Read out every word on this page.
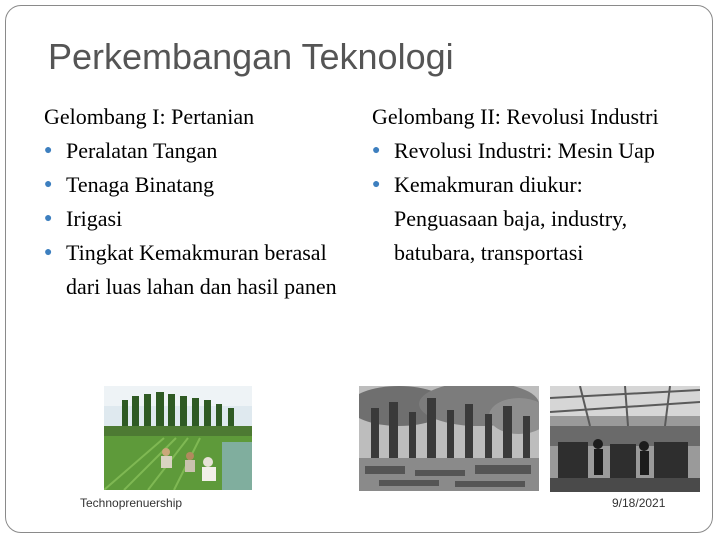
Perkembangan Teknologi

Gelombang I: Pertanian

● Peralatan Tangan
● Tenaga Binatang
● Irigasi
● Tingkat Kemakmuran berasal dari luas lahan dan hasil panen

Gelombang II: Revolusi Industri

● Revolusi Industri: Mesin Uap
● Kemakmuran diukur: Penguasaan baja, industry, batubara, transportasi
Technoprenuership	9/18/2021
